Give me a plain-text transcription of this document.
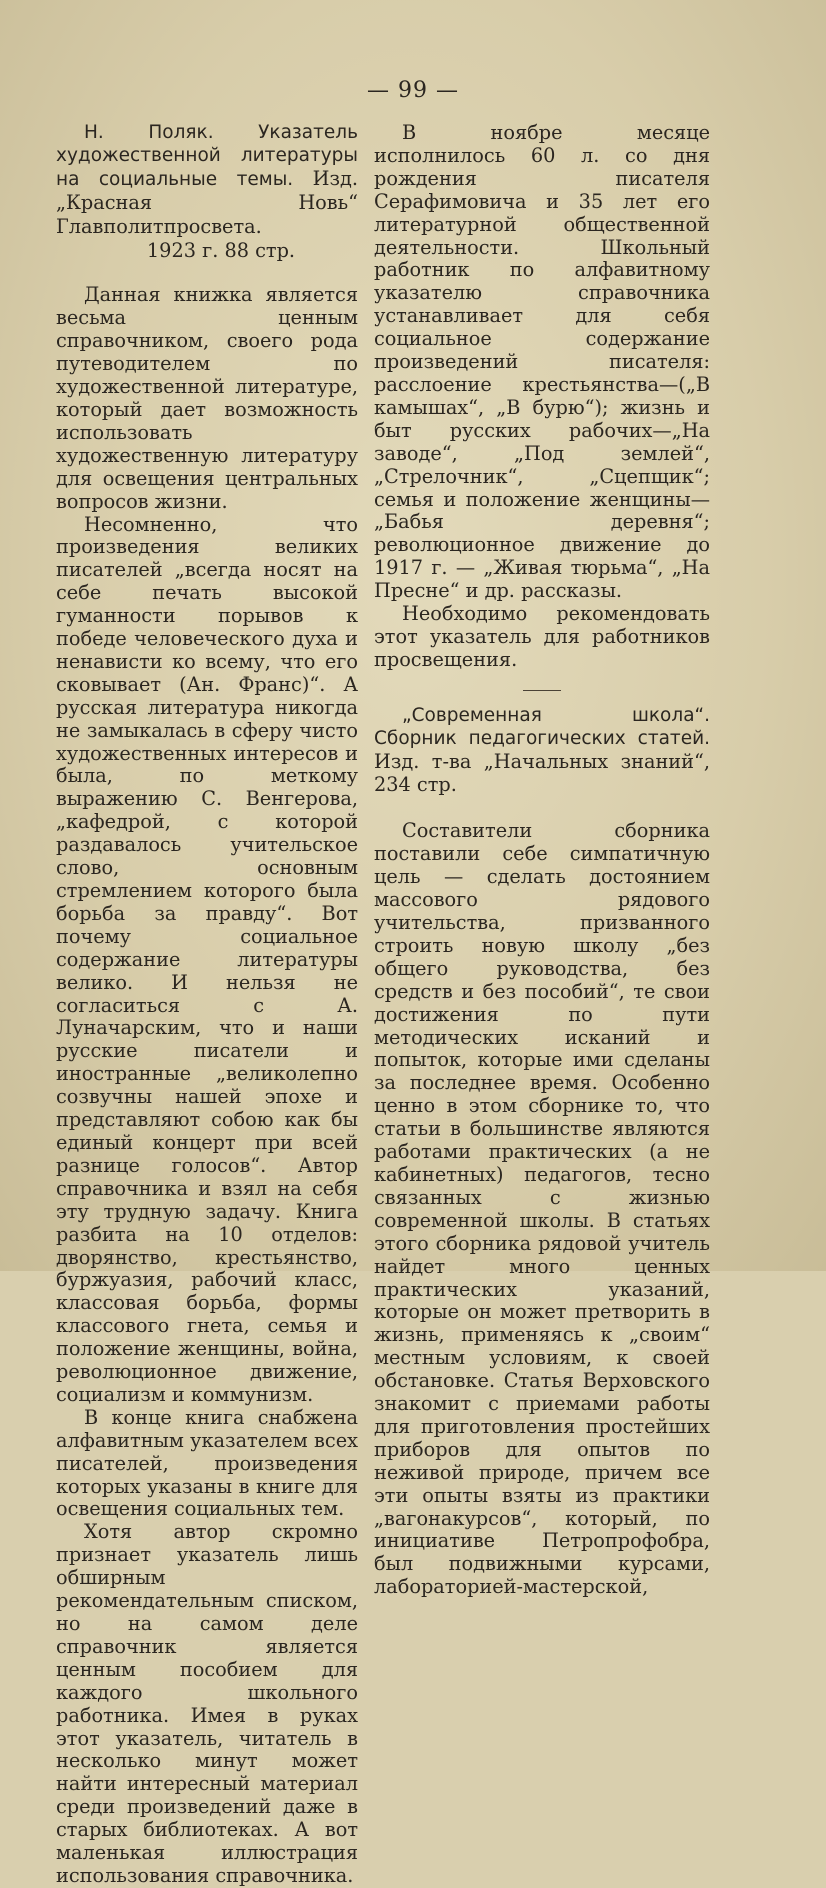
— 99 —

Н. Поляк. Указатель художественной литературы на социальные темы. Изд. „Красная Новь“ Главполитпросвета.

1923 г. 88 стр.

Данная книжка является весьма ценным справочником, своего рода путеводителем по художественной литературе, который дает возможность использовать художественную литературу для освещения центральных вопросов жизни.

Несомненно, что произведения великих писателей „всегда носят на себе печать высокой гуманности порывов к победе человеческого духа и ненависти ко всему, что его сковывает (Ан. Франс)“. А русская литература никогда не замыкалась в сферу чисто художественных интересов и была, по меткому выражению С. Венгерова, „кафедрой, с которой раздавалось учительское слово, основным стремлением которого была борьба за правду“. Вот почему социальное содержание литературы велико. И нельзя не согласиться с А. Луначарским, что и наши русские писатели и иностранные „великолепно созвучны нашей эпохе и представляют собою как бы единый концерт при всей разнице голосов“. Автор справочника и взял на себя эту трудную задачу. Книга разбита на 10 отделов: дворянство, крестьянство, буржуазия, рабочий класс, классовая борьба, формы классового гнета, семья и положение женщины, война, революционное движение, социализм и коммунизм.

В конце книга снабжена алфавитным указателем всех писателей, произведения которых указаны в книге для освещения социальных тем.

Хотя автор скромно признает указатель лишь обширным рекомендательным списком, но на самом деле справочник является ценным пособием для каждого школьного работника. Имея в руках этот указатель, читатель в несколько минут может найти интересный материал среди произведений даже в старых библиотеках. А вот маленькая иллюстрация использования справочника.

В ноябре месяце исполнилось 60 л. со дня рождения писателя Серафимовича и 35 лет его литературной общественной деятельности. Школьный работник по алфавитному указателю справочника устанавливает для себя социальное содержание произведений писателя: расслоение крестьянства—(„В камышах“, „В бурю“); жизнь и быт русских рабочих—„На заводе“, „Под землей“, „Стрелочник“, „Сцепщик“; семья и положение женщины—„Бабья деревня“; революционное движение до 1917 г. — „Живая тюрьма“, „На Пресне“ и др. рассказы.

Необходимо рекомендовать этот указатель для работников просвещения.

„Современная школа“. Сборник педагогических статей. Изд. т-ва „Начальных знаний“, 234 стр.

Составители сборника поставили себе симпатичную цель — сделать достоянием массового рядового учительства, призванного строить новую школу „без общего руководства, без средств и без пособий“, те свои достижения по пути методических исканий и попыток, которые ими сделаны за последнее время. Особенно ценно в этом сборнике то, что статьи в большинстве являются работами практических (а не кабинетных) педагогов, тесно связанных с жизнью современной школы. В статьях этого сборника рядовой учитель найдет много ценных практических указаний, которые он может претворить в жизнь, применяясь к „своим“ местным условиям, к своей обстановке. Статья Верховского знакомит с приемами работы для приготовления простейших приборов для опытов по неживой природе, причем все эти опыты взяты из практики „вагонакурсов“, который, по инициативе Петропрофобра, был подвижными курсами, лабораторией-мастерской,
